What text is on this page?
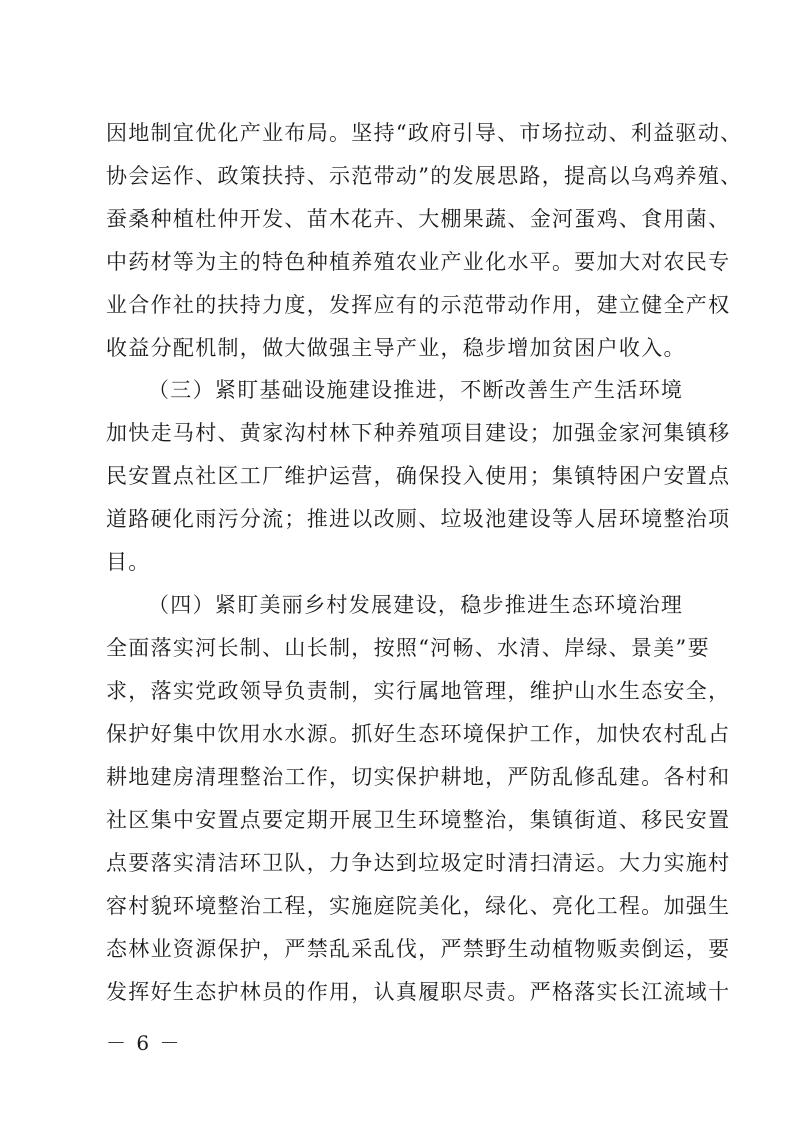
因地制宜优化产业布局。坚持“政府引导、市场拉动、利益驱动、
协会运作、政策扶持、示范带动”的发展思路，提高以乌鸡养殖、
蚕桑种植杜仲开发、苗木花卉、大棚果蔬、金河蛋鸡、食用菌、
中药材等为主的特色种植养殖农业产业化水平。要加大对农民专
业合作社的扶持力度，发挥应有的示范带动作用，建立健全产权
收益分配机制，做大做强主导产业，稳步增加贫困户收入。
（三）紧盯基础设施建设推进，不断改善生产生活环境
加快走马村、黄家沟村林下种养殖项目建设；加强金家河集镇移
民安置点社区工厂维护运营，确保投入使用；集镇特困户安置点
道路硬化雨污分流；推进以改厕、垃圾池建设等人居环境整治项
目。
（四）紧盯美丽乡村发展建设，稳步推进生态环境治理
全面落实河长制、山长制，按照“河畅、水清、岸绿、景美”要
求，落实党政领导负责制，实行属地管理，维护山水生态安全，
保护好集中饮用水水源。抓好生态环境保护工作，加快农村乱占
耕地建房清理整治工作，切实保护耕地，严防乱修乱建。各村和
社区集中安置点要定期开展卫生环境整治，集镇街道、移民安置
点要落实清洁环卫队，力争达到垃圾定时清扫清运。大力实施村
容村貌环境整治工程，实施庭院美化，绿化、亮化工程。加强生
态林业资源保护，严禁乱采乱伐，严禁野生动植物贩卖倒运，要
发挥好生态护林员的作用，认真履职尽责。严格落实长江流域十
－ 6 －
